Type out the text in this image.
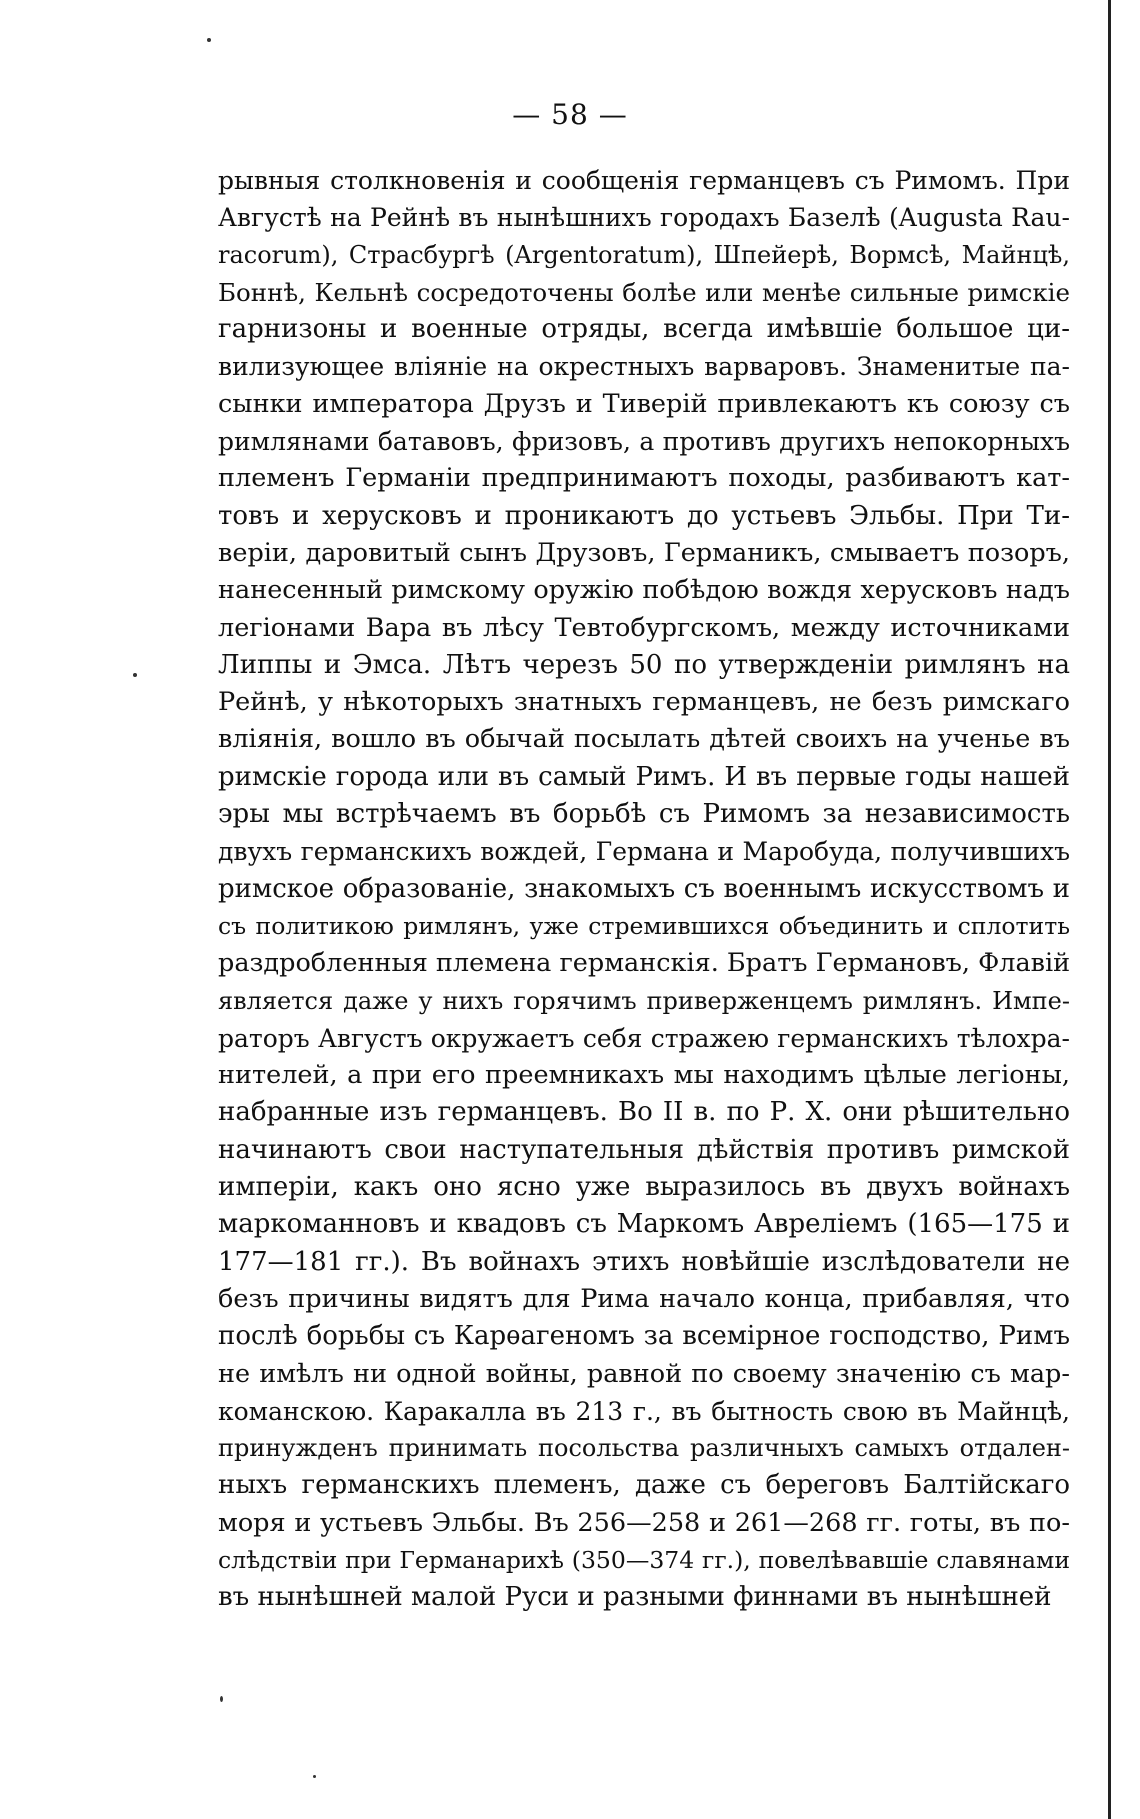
— 58 —
рывныя столкновенія и сообщенія германцевъ съ Римомъ. При
Августѣ на Рейнѣ въ нынѣшнихъ городахъ Базелѣ (Augusta Rau-
racorum), Страсбургѣ (Argentoratum), Шпейерѣ, Вормсѣ, Майнцѣ,
Боннѣ, Кельнѣ сосредоточены болѣе или менѣе сильные римскіе
гарнизоны и военные отряды, всегда имѣвшіе большое ци-
вилизующее вліяніе на окрестныхъ варваровъ. Знаменитые па-
сынки императора Друзъ и Тиверій привлекаютъ къ союзу съ
римлянами батавовъ, фризовъ, а противъ другихъ непокорныхъ
племенъ Германіи предпринимаютъ походы, разбиваютъ кат-
товъ и херусковъ и проникаютъ до устьевъ Эльбы. При Ти-
веріи, даровитый сынъ Друзовъ, Германикъ, смываетъ позоръ,
нанесенный римскому оружію побѣдою вождя херусковъ надъ
легіонами Вара въ лѣсу Тевтобургскомъ, между источниками
Липпы и Эмса. Лѣтъ черезъ 50 по утвержденіи римлянъ на
Рейнѣ, у нѣкоторыхъ знатныхъ германцевъ, не безъ римскаго
вліянія, вошло въ обычай посылать дѣтей своихъ на ученье въ
римскіе города или въ самый Римъ. И въ первые годы нашей
эры мы встрѣчаемъ въ борьбѣ съ Римомъ за независимость
двухъ германскихъ вождей, Германа и Маробуда, получившихъ
римское образованіе, знакомыхъ съ военнымъ искусствомъ и
съ политикою римлянъ, уже стремившихся объединить и сплотить
раздробленныя племена германскія. Братъ Германовъ, Флавій
является даже у нихъ горячимъ приверженцемъ римлянъ. Импе-
раторъ Августъ окружаетъ себя стражею германскихъ тѣлохра-
нителей, а при его преемникахъ мы находимъ цѣлые легіоны,
набранные изъ германцевъ. Во II в. по Р. Х. они рѣшительно
начинаютъ свои наступательныя дѣйствія противъ римской
имперіи, какъ оно ясно уже выразилось въ двухъ войнахъ
маркоманновъ и квадовъ съ Маркомъ Авреліемъ (165—175 и
177—181 гг.). Въ войнахъ этихъ новѣйшіе изслѣдователи не
безъ причины видятъ для Рима начало конца, прибавляя, что
послѣ борьбы съ Карѳагеномъ за всемірное господство, Римъ
не имѣлъ ни одной войны, равной по своему значенію съ мар-
команскою. Каракалла въ 213 г., въ бытность свою въ Майнцѣ,
принужденъ принимать посольства различныхъ самыхъ отдален-
ныхъ германскихъ племенъ, даже съ береговъ Балтійскаго
моря и устьевъ Эльбы. Въ 256—258 и 261—268 гг. готы, въ по-
слѣдствіи при Германарихѣ (350—374 гг.), повелѣвавшіе славянами
въ нынѣшней малой Руси и разными финнами въ нынѣшней
